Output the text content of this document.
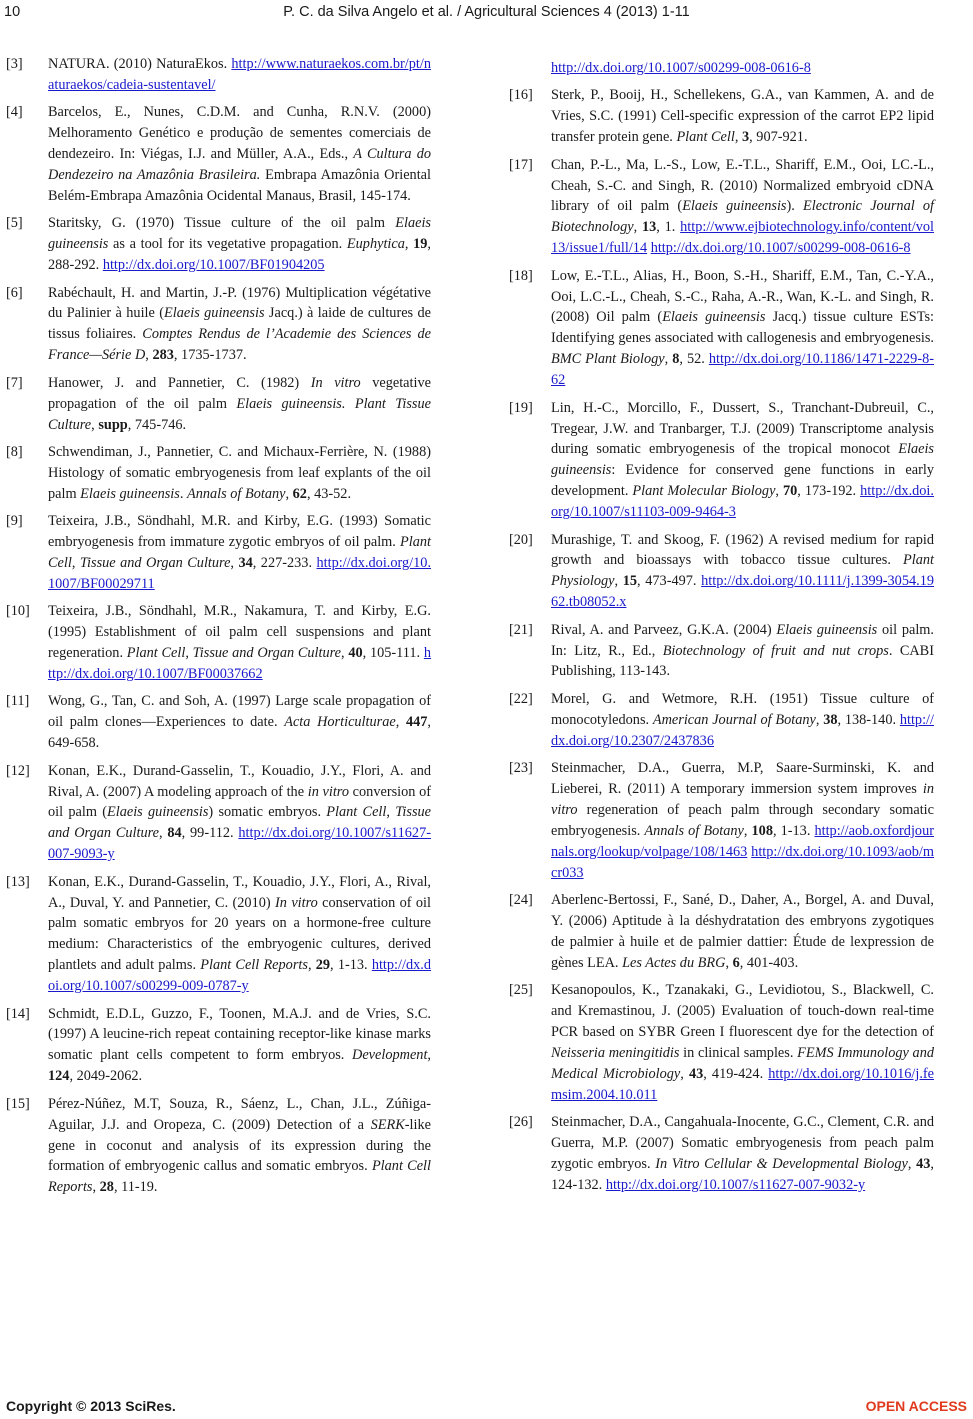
10	P. C. da Silva Angelo et al. / Agricultural Sciences 4 (2013) 1-11
[3]	NATURA. (2010) NaturaEkos. http://www.naturaekos.com.br/pt/naturaekos/cadeia-sustentavel/
[4]	Barcelos, E., Nunes, C.D.M. and Cunha, R.N.V. (2000) Melhoramento Genético e produção de sementes comerciais de dendezeiro. In: Viégas, I.J. and Müller, A.A., Eds., A Cultura do Dendezeiro na Amazônia Brasileira. Embrapa Amazônia Oriental Belém-Embrapa Amazônia Ocidental Manaus, Brasil, 145-174.
[5]	Staritsky, G. (1970) Tissue culture of the oil palm Elaeis guineensis as a tool for its vegetative propagation. Euphytica, 19, 288-292. http://dx.doi.org/10.1007/BF01904205
[6]	Rabéchault, H. and Martin, J.-P. (1976) Multiplication végétative du Palinier à huile (Elaeis guineensis Jacq.) à laide de cultures de tissus foliaires. Comptes Rendus de l’Academie des Sciences de France—Série D, 283, 1735-1737.
[7]	Hanower, J. and Pannetier, C. (1982) In vitro vegetative propagation of the oil palm Elaeis guineensis. Plant Tissue Culture, supp, 745-746.
[8]	Schwendiman, J., Pannetier, C. and Michaux-Ferrière, N. (1988) Histology of somatic embryogenesis from leaf explants of the oil palm Elaeis guineensis. Annals of Botany, 62, 43-52.
[9]	Teixeira, J.B., Söndhahl, M.R. and Kirby, E.G. (1993) Somatic embryogenesis from immature zygotic embryos of oil palm. Plant Cell, Tissue and Organ Culture, 34, 227-233. http://dx.doi.org/10.1007/BF00029711
[10]	Teixeira, J.B., Söndhahl, M.R., Nakamura, T. and Kirby, E.G. (1995) Establishment of oil palm cell suspensions and plant regeneration. Plant Cell, Tissue and Organ Culture, 40, 105-111. http://dx.doi.org/10.1007/BF00037662
[11]	Wong, G., Tan, C. and Soh, A. (1997) Large scale propagation of oil palm clones—Experiences to date. Acta Horticulturae, 447, 649-658.
[12]	Konan, E.K., Durand-Gasselin, T., Kouadio, J.Y., Flori, A. and Rival, A. (2007) A modeling approach of the in vitro conversion of oil palm (Elaeis guineensis) somatic embryos. Plant Cell, Tissue and Organ Culture, 84, 99-112. http://dx.doi.org/10.1007/s11627-007-9093-y
[13]	Konan, E.K., Durand-Gasselin, T., Kouadio, J.Y., Flori, A., Rival, A., Duval, Y. and Pannetier, C. (2010) In vitro conservation of oil palm somatic embryos for 20 years on a hormone-free culture medium: Characteristics of the embryogenic cultures, derived plantlets and adult palms. Plant Cell Reports, 29, 1-13. http://dx.doi.org/10.1007/s00299-009-0787-y
[14]	Schmidt, E.D.L, Guzzo, F., Toonen, M.A.J. and de Vries, S.C. (1997) A leucine-rich repeat containing receptor-like kinase marks somatic plant cells competent to form embryos. Development, 124, 2049-2062.
[15]	Pérez-Núñez, M.T, Souza, R., Sáenz, L., Chan, J.L., Zúñiga-Aguilar, J.J. and Oropeza, C. (2009) Detection of a SERK-like gene in coconut and analysis of its expression during the formation of embryogenic callus and somatic embryos. Plant Cell Reports, 28, 11-19.
http://dx.doi.org/10.1007/s00299-008-0616-8
[16]	Sterk, P., Booij, H., Schellekens, G.A., van Kammen, A. and de Vries, S.C. (1991) Cell-specific expression of the carrot EP2 lipid transfer protein gene. Plant Cell, 3, 907-921.
[17]	Chan, P.-L., Ma, L.-S., Low, E.-T.L., Shariff, E.M., Ooi, LC.-L., Cheah, S.-C. and Singh, R. (2010) Normalized embryoid cDNA library of oil palm (Elaeis guineensis). Electronic Journal of Biotechnology, 13, 1. http://www.ejbiotechnology.info/content/vol13/issue1/full/14 http://dx.doi.org/10.1007/s00299-008-0616-8
[18]	Low, E.-T.L., Alias, H., Boon, S.-H., Shariff, E.M., Tan, C.-Y.A., Ooi, L.C.-L., Cheah, S.-C., Raha, A.-R., Wan, K.-L. and Singh, R. (2008) Oil palm (Elaeis guineensis Jacq.) tissue culture ESTs: Identifying genes associated with callogenesis and embryogenesis. BMC Plant Biology, 8, 52. http://dx.doi.org/10.1186/1471-2229-8-62
[19]	Lin, H.-C., Morcillo, F., Dussert, S., Tranchant-Dubreuil, C., Tregear, J.W. and Tranbarger, T.J. (2009) Transcriptome analysis during somatic embryogenesis of the tropical monocot Elaeis guineensis: Evidence for conserved gene functions in early development. Plant Molecular Biology, 70, 173-192. http://dx.doi.org/10.1007/s11103-009-9464-3
[20]	Murashige, T. and Skoog, F. (1962) A revised medium for rapid growth and bioassays with tobacco tissue cultures. Plant Physiology, 15, 473-497. http://dx.doi.org/10.1111/j.1399-3054.1962.tb08052.x
[21]	Rival, A. and Parveez, G.K.A. (2004) Elaeis guineensis oil palm. In: Litz, R., Ed., Biotechnology of fruit and nut crops. CABI Publishing, 113-143.
[22]	Morel, G. and Wetmore, R.H. (1951) Tissue culture of monocotyledons. American Journal of Botany, 38, 138-140. http://dx.doi.org/10.2307/2437836
[23]	Steinmacher, D.A., Guerra, M.P, Saare-Surminski, K. and Lieberei, R. (2011) A temporary immersion system improves in vitro regeneration of peach palm through secondary somatic embryogenesis. Annals of Botany, 108, 1-13. http://aob.oxfordjournals.org/lookup/volpage/108/1463 http://dx.doi.org/10.1093/aob/mcr033
[24]	Aberlenc-Bertossi, F., Sané, D., Daher, A., Borgel, A. and Duval, Y. (2006) Aptitude à la déshydratation des embryons zygotiques de palmier à huile et de palmier dattier: Étude de lexpression de gènes LEA. Les Actes du BRG, 6, 401-403.
[25]	Kesanopoulos, K., Tzanakaki, G., Levidiotou, S., Blackwell, C. and Kremastinou, J. (2005) Evaluation of touch-down real-time PCR based on SYBR Green I fluorescent dye for the detection of Neisseria meningitidis in clinical samples. FEMS Immunology and Medical Microbiology, 43, 419-424. http://dx.doi.org/10.1016/j.femsim.2004.10.011
[26]	Steinmacher, D.A., Cangahuala-Inocente, G.C., Clement, C.R. and Guerra, M.P. (2007) Somatic embryogenesis from peach palm zygotic embryos. In Vitro Cellular & Developmental Biology, 43, 124-132. http://dx.doi.org/10.1007/s11627-007-9032-y
Copyright © 2013 SciRes.	OPEN ACCESS
